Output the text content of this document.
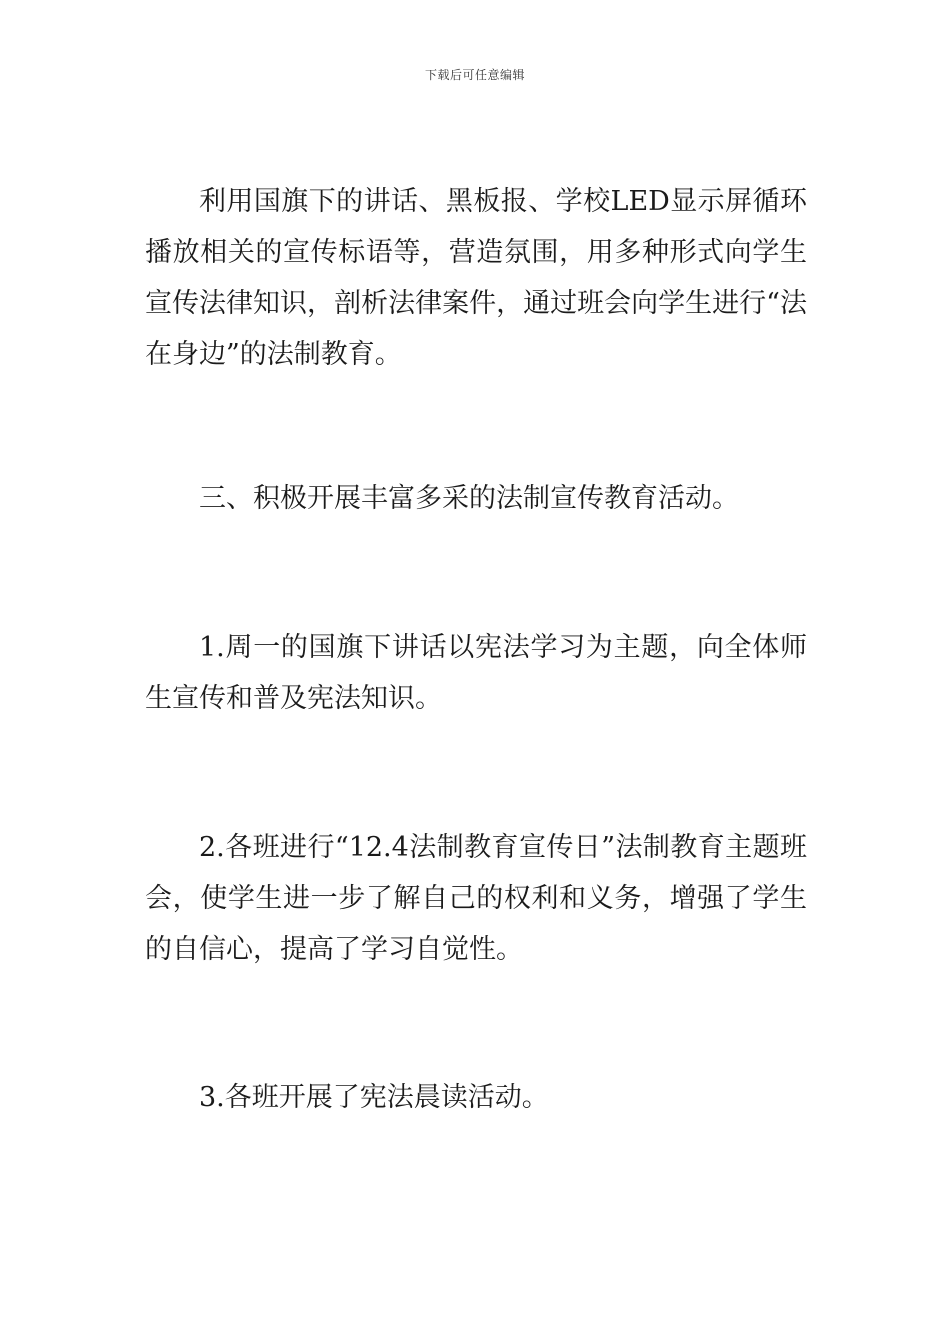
下载后可任意编辑

利用国旗下的讲话、黑板报、学校LED显示屏循环播放相关的宣传标语等，营造氛围，用多种形式向学生宣传法律知识，剖析法律案件，通过班会向学生进行“法在身边”的法制教育。

三、积极开展丰富多采的法制宣传教育活动。

1.周一的国旗下讲话以宪法学习为主题，向全体师生宣传和普及宪法知识。

2.各班进行“12.4法制教育宣传日”法制教育主题班会，使学生进一步了解自己的权利和义务，增强了学生的自信心，提高了学习自觉性。

3.各班开展了宪法晨读活动。
